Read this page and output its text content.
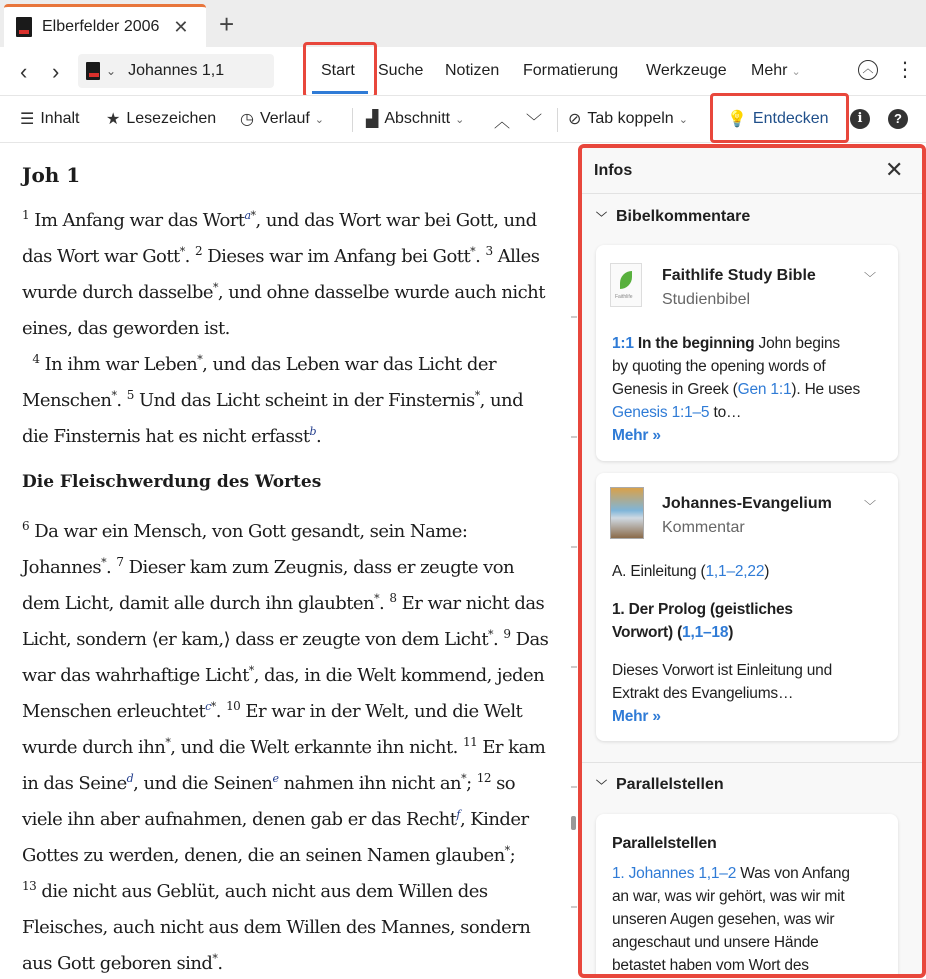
Elberfelder 2006 ✕ +
‹ ›	⌄ Johannes 1,1	Start Suche Notizen Formatierung Werkzeuge Mehr ⌄	︿ ⋮
☰ Inhalt ★ Lesezeichen ◷ Verlauf ⌄	▟ Abschnitt ⌄ ︿ ﹀ ⊘ Tab koppeln ⌄ 💡 Entdecken	i	?
Joh 1
$^1$ Im Anfang war das Wort$^{a*}$, und das Wort war bei Gott, und
das Wort war Gott*. $^2$ Dieses war im Anfang bei Gott*. $^3$ Alles
wurde durch dasselbe*, und ohne dasselbe wurde auch nicht
eines, das geworden ist.
$^4$ In ihm war Leben*, und das Leben war das Licht der
Menschen*. $^5$ Und das Licht scheint in der Finsternis*, und
die Finsternis hat es nicht erfasst$^b$.
Die Fleischwerdung des Wortes
$^6$ Da war ein Mensch, von Gott gesandt, sein Name:
Johannes*. $^7$ Dieser kam zum Zeugnis, dass er zeugte von
dem Licht, damit alle durch ihn glaubten*. $^8$ Er war nicht das
Licht, sondern ⟨er kam,⟩ dass er zeugte von dem Licht*. $^9$ Das
war das wahrhaftige Licht*, das, in die Welt kommend, jeden
Menschen erleuchtet$^{c*}$. $^{10}$ Er war in der Welt, und die Welt
wurde durch ihn*, und die Welt erkannte ihn nicht. $^{11}$ Er kam
in das Seine$^d$, und die Seinen$^e$ nahmen ihn nicht an*; $^{12}$ so
viele ihn aber aufnahmen, denen gab er das Recht$^f$, Kinder
Gottes zu werden, denen, die an seinen Namen glauben*;
$^{13}$ die nicht aus Geblüt, auch nicht aus dem Willen des
Fleisches, auch nicht aus dem Willen des Mannes, sondern
aus Gott geboren sind*.
Infos	✕
﹀ Bibelkommentare
Faithlife
Faithlife Study Bible
Studienbibel
﹀
1:1 In the beginning John begins
by quoting the opening words of
Genesis in Greek (Gen 1:1). He uses
Genesis 1:1–5 to…
Mehr »
Johannes-Evangelium
Kommentar
﹀
A. Einleitung (1,1–2,22)
1. Der Prolog (geistliches
Vorwort) (1,1–18)
Dieses Vorwort ist Einleitung und
Extrakt des Evangeliums…
Mehr »
﹀ Parallelstellen
Parallelstellen
1. Johannes 1,1–2 Was von Anfang
an war, was wir gehört, was wir mit
unseren Augen gesehen, was wir
angeschaut und unsere Hände
betastet haben vom Wort des
